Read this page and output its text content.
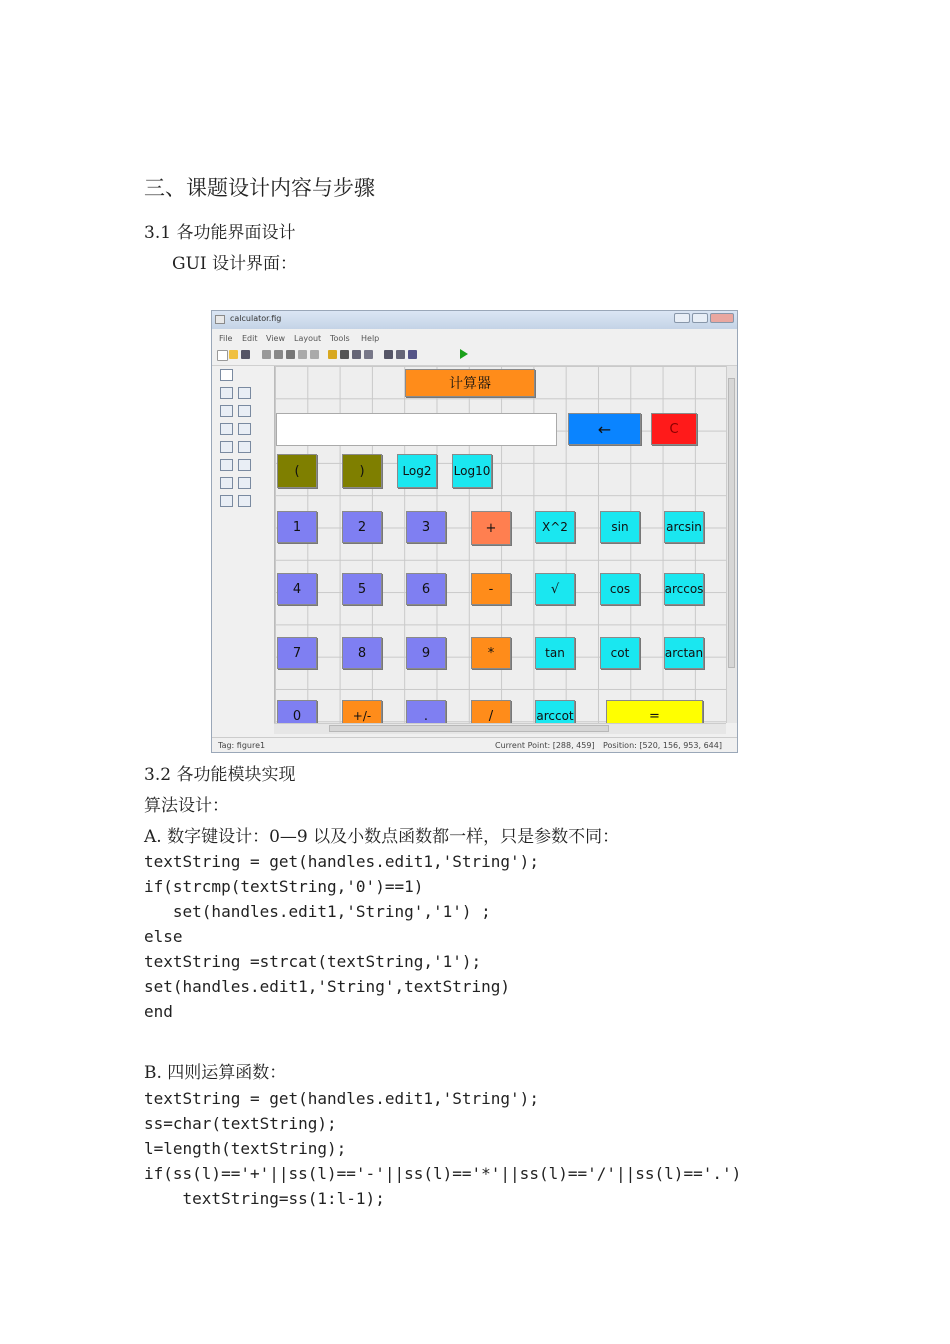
三、课题设计内容与步骤
3.1 各功能界面设计
GUI 设计界面：
calculator.fig
File Edit View Layout Tools Help
计算器
←	C
(	)	Log2	Log10
1	2	3	+	X^2	sin	arcsin
4	5	6	-	√	cos	arccos
7	8	9	*	tan	cot	arctan
0	+/-	.	/	arccot	=
Tag: figure1	Current Point: [288, 459] Position: [520, 156, 953, 644]
3.2 各功能模块实现
算法设计：
A. 数字键设计：0—9 以及小数点函数都一样，只是参数不同：
textString = get(handles.edit1,'String');
if(strcmp(textString,'0')==1)
set(handles.edit1,'String','1') ;
else
textString =strcat(textString,'1');
set(handles.edit1,'String',textString)
end
B. 四则运算函数：
textString = get(handles.edit1,'String');
ss=char(textString);
l=length(textString);
if(ss(l)=='+'||ss(l)=='-'||ss(l)=='*'||ss(l)=='/'||ss(l)=='.')
textString=ss(1:l-1);
